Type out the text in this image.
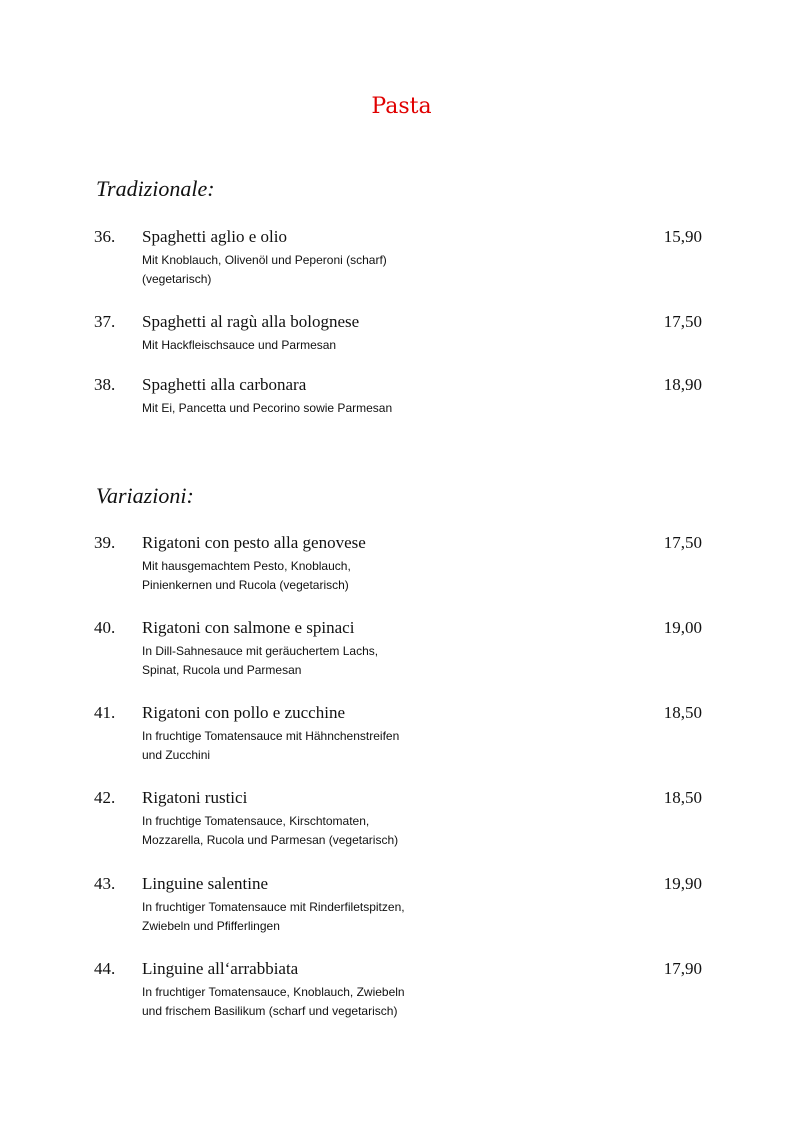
Pasta
Tradizionale:
36. Spaghetti aglio e olio	15,90
Mit Knoblauch, Olivenöl und Peperoni (scharf)
(vegetarisch)
37. Spaghetti al ragù alla bolognese	17,50
Mit Hackfleischsauce und Parmesan
38. Spaghetti alla carbonara	18,90
Mit Ei, Pancetta und Pecorino sowie Parmesan
Variazioni:
39. Rigatoni con pesto alla genovese	17,50
Mit hausgemachtem Pesto, Knoblauch,
Pinienkernen und Rucola (vegetarisch)
40. Rigatoni con salmone e spinaci	19,00
In Dill-Sahnesauce mit geräuchertem Lachs,
Spinat, Rucola und Parmesan
41. Rigatoni con pollo e zucchine	18,50
In fruchtige Tomatensauce mit Hähnchenstreifen
und Zucchini
42. Rigatoni rustici	18,50
In fruchtige Tomatensauce, Kirschtomaten,
Mozzarella, Rucola und Parmesan (vegetarisch)
43. Linguine salentine	19,90
In fruchtiger Tomatensauce mit Rinderfiletspitzen,
Zwiebeln und Pfifferlingen
44. Linguine all‘arrabbiata	17,90
In fruchtiger Tomatensauce, Knoblauch, Zwiebeln
und frischem Basilikum (scharf und vegetarisch)
